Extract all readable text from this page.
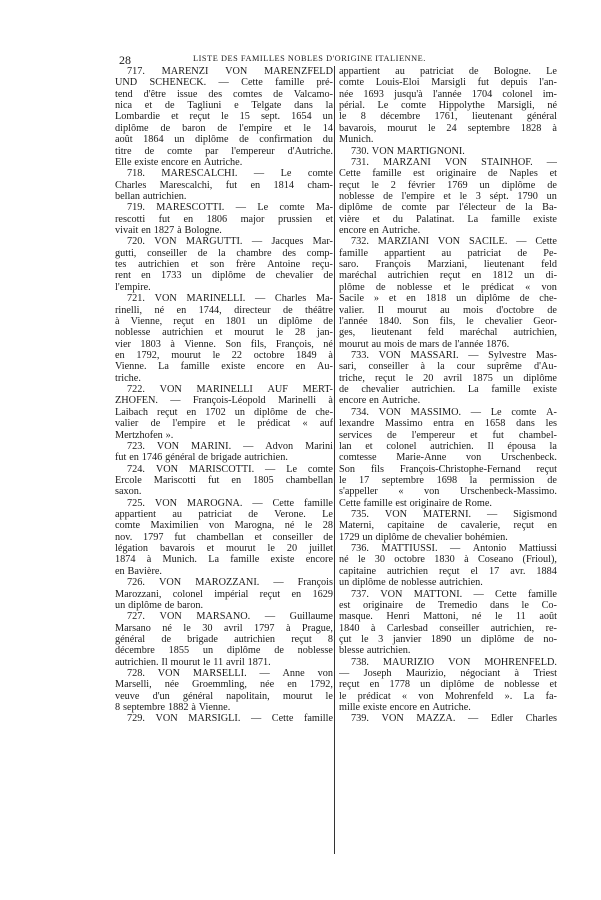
28	LISTE DES FAMILLES NOBLES D'ORIGINE ITALIENNE.
717. MARENZI VON MARENZFELD
UND SCHENECK. — Cette famille pré-
tend d'être issue des comtes de Valcamo-
nica et de Tagliuni e Telgate dans la
Lombardie et reçut le 15 sept. 1654 un
diplôme de baron de l'empire et le 14
août 1864 un diplôme de confirmation du
titre de comte par l'empereur d'Autriche.
Elle existe encore en Autriche.
718. MARESCALCHI. — Le comte
Charles Marescalchi, fut en 1814 cham-
bellan autrichien.
719. MARESCOTTI. — Le comte Ma-
rescotti fut en 1806 major prussien et
vivait en 1827 à Bologne.
720. VON MARGUTTI. — Jacques Mar-
gutti, conseiller de la chambre des comp-
tes autrichien et son frère Antoine reçu-
rent en 1733 un diplôme de chevalier de
l'empire.
721. VON MARINELLI. — Charles Ma-
rinelli, né en 1744, directeur de théâtre
à Vienne, reçut en 1801 un diplôme de
noblesse autrichien et mourut le 28 jan-
vier 1803 à Vienne. Son fils, François, né
en 1792, mourut le 22 octobre 1849 à
Vienne. La famille existe encore en Au-
triche.
722. VON MARINELLI AUF MERT-
ZHOFEN. — François-Léopold Marinelli à
Laibach reçut en 1702 un diplôme de che-
valier de l'empire et le prédicat « auf
Mertzhofen ».
723. VON MARINI. — Advon Marini
fut en 1746 général de brigade autrichien.
724. VON MARISCOTTI. — Le comte
Ercole Mariscotti fut en 1805 chambellan
saxon.
725. VON MAROGNA. — Cette famille
appartient au patriciat de Verone. Le
comte Maximilien von Marogna, né le 28
nov. 1797 fut chambellan et conseiller de
légation bavarois et mourut le 20 juillet
1874 à Munich. La famille existe encore
en Bavière.
726. VON MAROZZANI. — François
Marozzani, colonel impérial reçut en 1629
un diplôme de baron.
727. VON MARSANO. — Guillaume
Marsano né le 30 avril 1797 à Prague,
général de brigade autrichien reçut 8
décembre 1855 un diplôme de noblesse
autrichien. Il mourut le 11 avril 1871.
728. VON MARSELLI. — Anne von
Marselli, née Groemmling, née en 1792,
veuve d'un général napolitain, mourut le
8 septembre 1882 à Vienne.
729. VON MARSIGLI. — Cette famille
appartient au patriciat de Bologne. Le
comte Louis-Eloi Marsigli fut depuis l'an-
née 1693 jusqu'à l'année 1704 colonel im-
périal. Le comte Hippolythe Marsigli, né
le 8 décembre 1761, lieutenant général
bavarois, mourut le 24 septembre 1828 à
Munich.
730. VON MARTIGNONI.
731. MARZANI VON STAINHOF. —
Cette famille est originaire de Naples et
reçut le 2 février 1769 un diplôme de
noblesse de l'empire et le 3 sépt. 1790 un
diplôme de comte par l'électeur de la Ba-
vière et du Palatinat. La famille existe
encore en Autriche.
732. MARZIANI VON SACILE. — Cette
famille appartient au patriciat de Pe-
saro. François Marziani, lieutenant feld
maréchal autrichien reçut en 1812 un di-
plôme de noblesse et le prédicat « von
Sacile » et en 1818 un diplôme de che-
valier. Il mourut au mois d'octobre de
l'année 1840. Son fils, le chevalier Geor-
ges, lieutenant feld maréchal autrichien,
mourut au mois de mars de l'année 1876.
733. VON MASSARI. — Sylvestre Mas-
sari, conseiller à la cour suprême d'Au-
triche, reçut le 20 avril 1875 un diplôme
de chevalier autrichien. La famille existe
encore en Autriche.
734. VON MASSIMO. — Le comte A-
lexandre Massimo entra en 1658 dans les
services de l'empereur et fut chambel-
lan et colonel autrichien. Il épousa la
comtesse Marie-Anne von Urschenbeck.
Son fils François-Christophe-Fernand reçut
le 17 septembre 1698 la permission de
s'appeller « von Urschenbeck-Massimo.
Cette famille est originaire de Rome.
735. VON MATERNI. — Sigismond
Materni, capitaine de cavalerie, reçut en
1729 un diplôme de chevalier bohémien.
736. MATTIUSSI. — Antonio Mattiussi
né le 30 octobre 1830 à Coseano (Frioul),
capitaine autrichien reçut el 17 avr. 1884
un diplôme de noblesse autrichien.
737. VON MATTONI. — Cette famille
est originaire de Tremedio dans le Co-
masque. Henri Mattoni, né le 11 août
1840 à Carlesbad conseiller autrichien, re-
çut le 3 janvier 1890 un diplôme de no-
blesse autrichien.
738. MAURIZIO VON MOHRENFELD.
— Joseph Maurizio, négociant à Triest
reçut en 1778 un diplôme de noblesse et
le prédicat « von Mohrenfeld ». La fa-
mille existe encore en Autriche.
739. VON MAZZA. — Edler Charles
